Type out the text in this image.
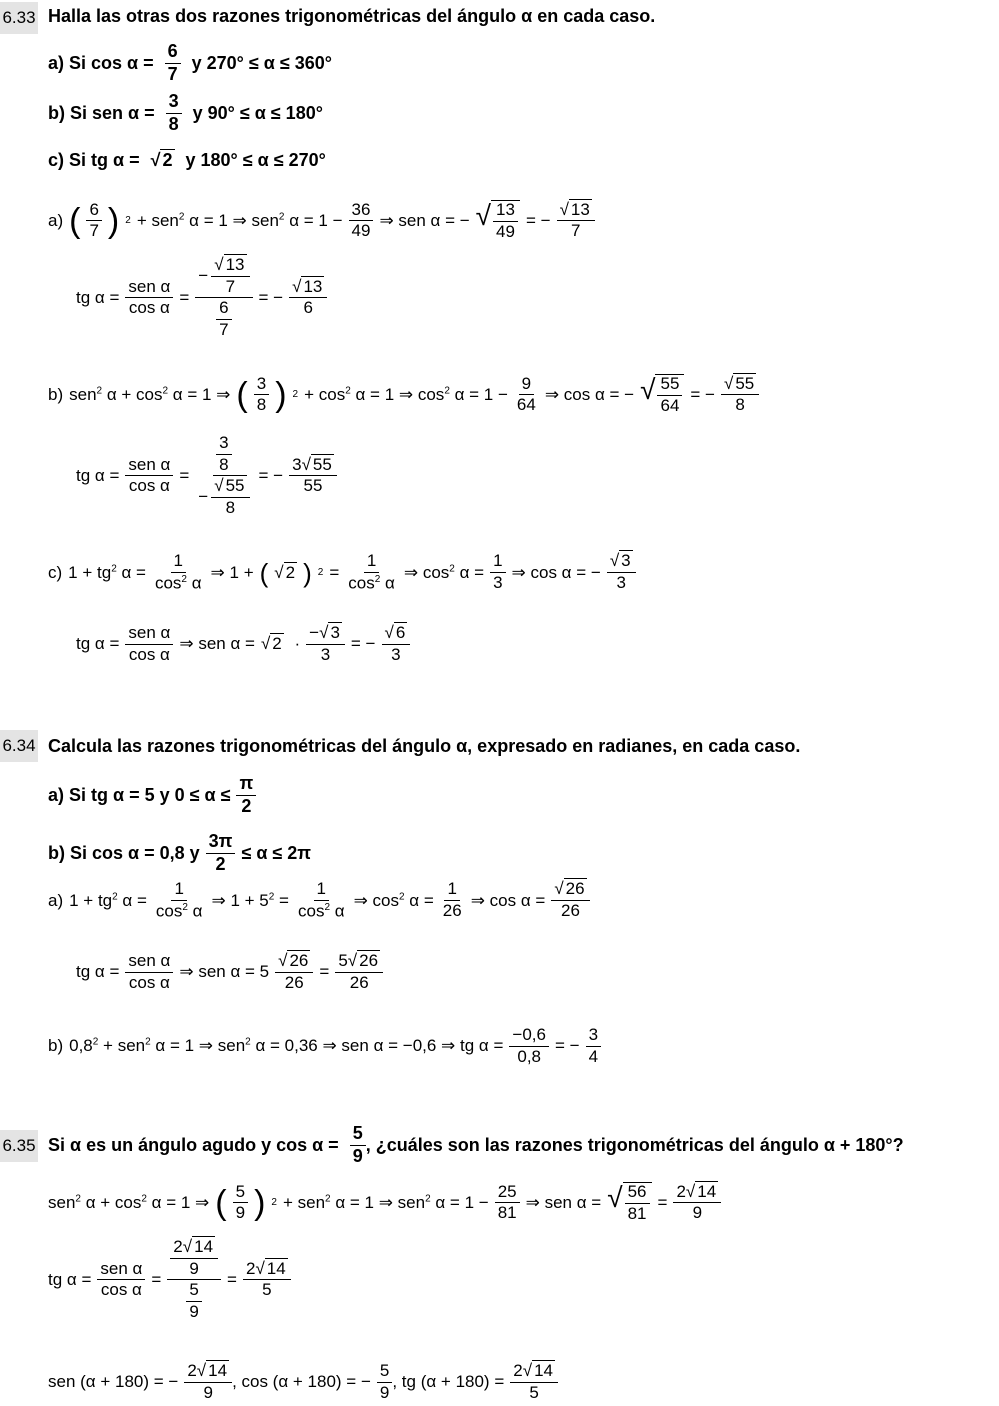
6.33 Halla las otras dos razones trigonométricas del ángulo α en cada caso.
a) Si $\cos \alpha = \frac{6}{7}$ y 270° ≤ α ≤ 360°
b) Si sen $\alpha = \frac{3}{8}$ y 90° ≤ α ≤ 180°
c) Si tg α = √ 2 y 180° ≤ α ≤ 270°
a) ( $\frac{6}{7}$ ) 2 + sen$^2$ α = 1 ⇒ sen$^2$ $\alpha = 1 - \frac{36}{49}$ ⇒ sen α = − √ $\frac{13}{49}$ = − $\frac{√ 13}{7}$
tg $\alpha = \frac{\text{sen α}}{\text{cos α}} = \frac{- \frac{√ 13}{7}}{\frac{6}{7}}$ = − $\frac{√ 13}{6}$
b) sen$^2$ $\alpha + \cos^2 \alpha = 1$ ⇒ ( $\frac{3}{8}$ ) $2 + \cos^2 \alpha = 1$ ⇒ $\cos^2 \alpha = 1 - \frac{9}{64}$ ⇒ cos α = − √ $\frac{55}{64}$ = − $\frac{√ 55}{8}$
tg $\alpha = \frac{\text{sen α}}{\text{cos α}} = \frac{\frac{3}{8}}{- \frac{√ 55}{8}}$ = − $\frac{3√ 55}{55}$
c) $1 + tg^2$ $\alpha = \frac{1}{\cos^2 \alpha}$ ⇒ 1 + ( √ 2 ) $2 = \frac{1}{\cos^2 \alpha}$ ⇒ $\cos^2 \alpha = \frac{1}{3}$ ⇒ cos α = − $\frac{√ 3}{3}$
tg $\alpha = \frac{\text{sen α}}{\text{cos α}}$ ⇒ sen α = √ $2 \cdot \frac{-√ 3}{3}$ = − $\frac{√ 6}{3}$
6.34 Calcula las razones trigonométricas del ángulo α, expresado en radianes, en cada caso.
a) Si tg α = 5 y $0 \le \alpha \le \frac{\pi}{2}$
b) Si cos α = 0,8 y $\frac{3\pi}{2} \le \alpha \le 2\pi$
a) $1 + tg^2$ $\alpha = \frac{1}{\cos^2 \alpha}$ ⇒ $1 + 5^2 = \frac{1}{\cos^2 \alpha}$ ⇒ $\cos^2 \alpha = \frac{1}{26}$ ⇒ $\cos \alpha = \frac{√ 26}{26}$
tg $\alpha = \frac{\text{sen α}}{\text{cos α}}$ ⇒ sen $\alpha = 5 \frac{√ 26}{26} = \frac{5√ 26}{26}$
b) $0,8^2 + sen^2$ α = 1 ⇒ sen$^2$ α = 0,36 ⇒ sen α = −0,6 ⇒ tg $\alpha = \frac{-0,6}{0,8}$ = − $\frac{3}{4}$
6.35 Si α es un ángulo agudo y $\cos \alpha = \frac{5}{9}$ , ¿cuáles son las razones trigonométricas del ángulo α + 180°?
sen$^2$ $\alpha + \cos^2 \alpha = 1$ ⇒ ( $\frac{5}{9}$ ) 2 + sen$^2$ α = 1 ⇒ sen$^2$ $\alpha = 1 - \frac{25}{81}$ ⇒ sen α = √ $\frac{56}{81} = \frac{2√ 14}{9}$
tg $\alpha = \frac{\text{sen α}}{\text{cos α}} = \frac{\frac{2√ 14}{9}}{\frac{5}{9}} = \frac{2√ 14}{5}$
sen (α + 180) = − $\frac{2√ 14}{9}$ , cos (α + 180) = − $\frac{5}{9}$ , tg $(\alpha + 180) = \frac{2√ 14}{5}$
